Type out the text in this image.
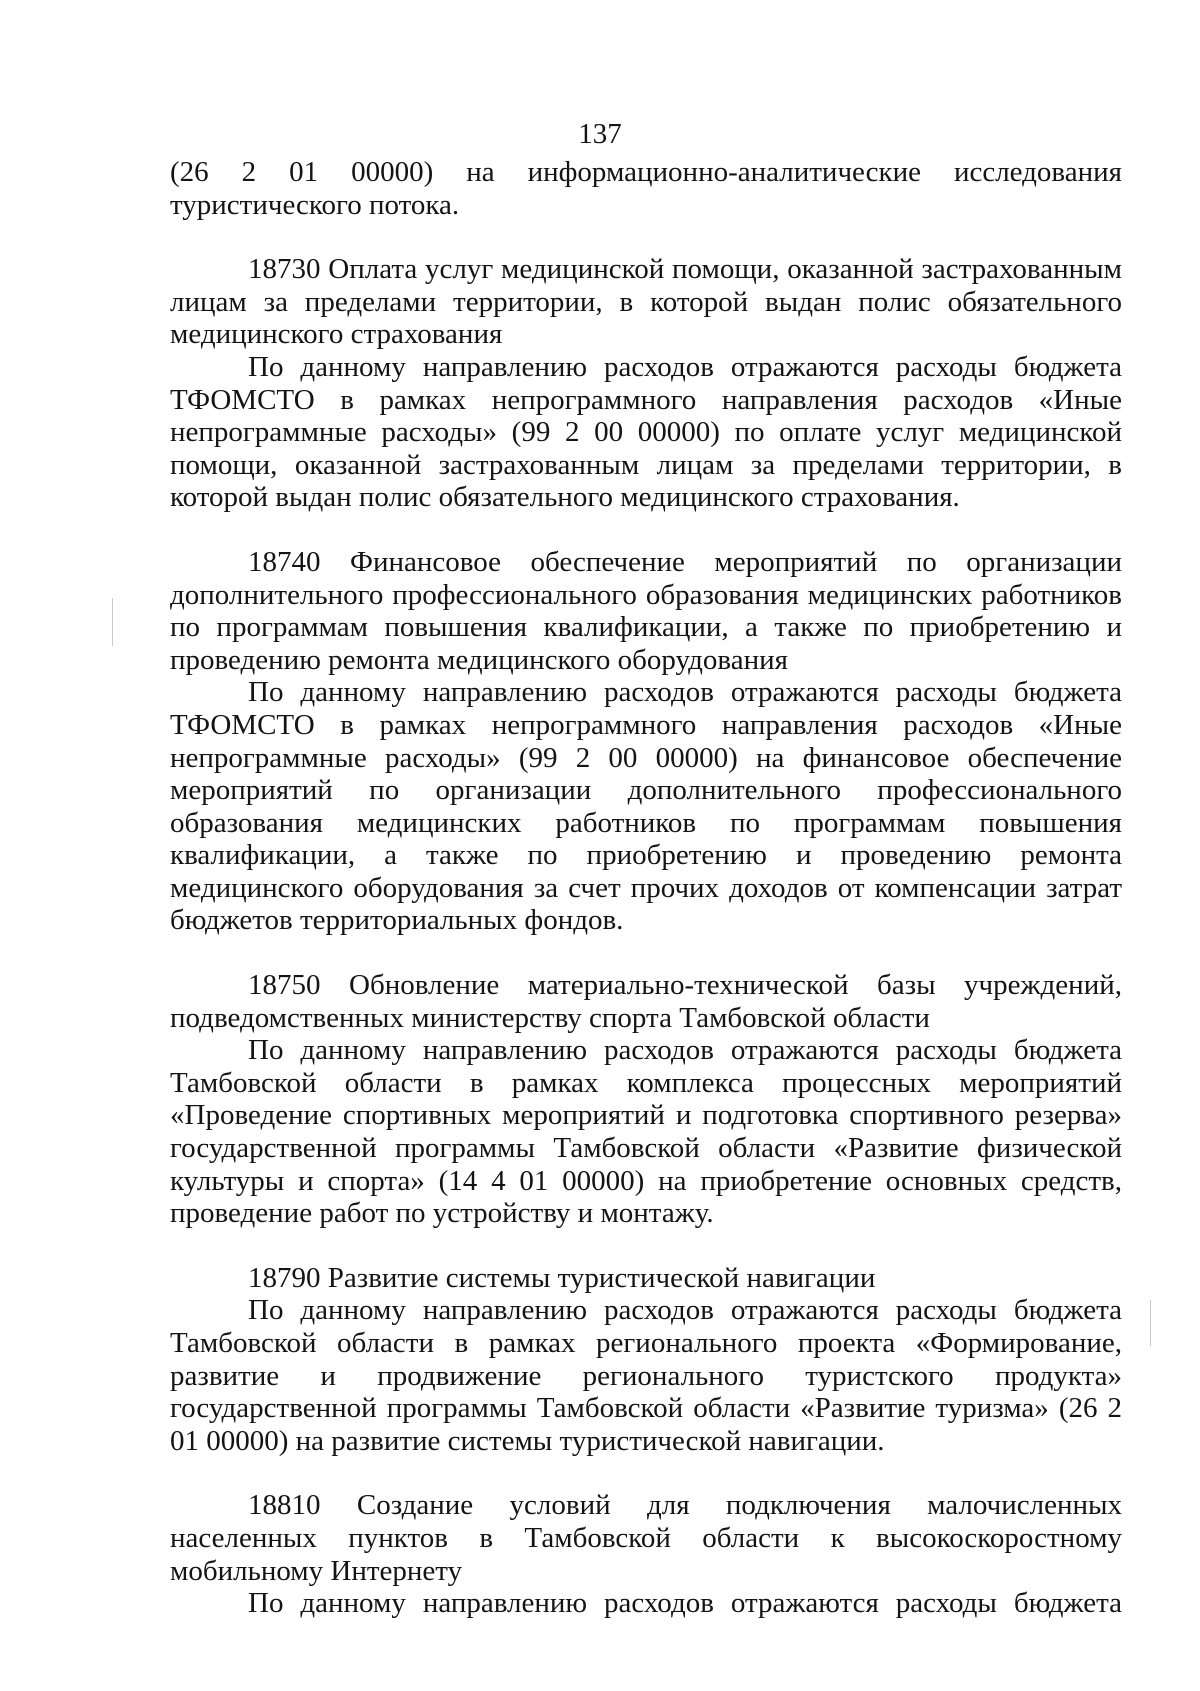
137

(26 2 01 00000) на информационно-аналитические исследования туристического потока.

18730 Оплата услуг медицинской помощи, оказанной застрахованным лицам за пределами территории, в которой выдан полис обязательного медицинского страхования

По данному направлению расходов отражаются расходы бюджета ТФОМСТО в рамках непрограммного направления расходов «Иные непрограммные расходы» (99 2 00 00000) по оплате услуг медицинской помощи, оказанной застрахованным лицам за пределами территории, в которой выдан полис обязательного медицинского страхования.

18740 Финансовое обеспечение мероприятий по организации дополнительного профессионального образования медицинских работников по программам повышения квалификации, а также по приобретению и проведению ремонта медицинского оборудования

По данному направлению расходов отражаются расходы бюджета ТФОМСТО в рамках непрограммного направления расходов «Иные непрограммные расходы» (99 2 00 00000) на финансовое обеспечение мероприятий по организации дополнительного профессионального образования медицинских работников по программам повышения квалификации, а также по приобретению и проведению ремонта медицинского оборудования за счет прочих доходов от компенсации затрат бюджетов территориальных фондов.

18750 Обновление материально-технической базы учреждений, подведомственных министерству спорта Тамбовской области

По данному направлению расходов отражаются расходы бюджета Тамбовской области в рамках комплекса процессных мероприятий «Проведение спортивных мероприятий и подготовка спортивного резерва» государственной программы Тамбовской области «Развитие физической культуры и спорта» (14 4 01 00000) на приобретение основных средств, проведение работ по устройству и монтажу.

18790 Развитие системы туристической навигации

По данному направлению расходов отражаются расходы бюджета Тамбовской области в рамках регионального проекта «Формирование, развитие и продвижение регионального туристского продукта» государственной программы Тамбовской области «Развитие туризма» (26 2 01 00000) на развитие системы туристической навигации.

18810 Создание условий для подключения малочисленных населенных пунктов в Тамбовской области к высокоскоростному мобильному Интернету

По данному направлению расходов отражаются расходы бюджета
